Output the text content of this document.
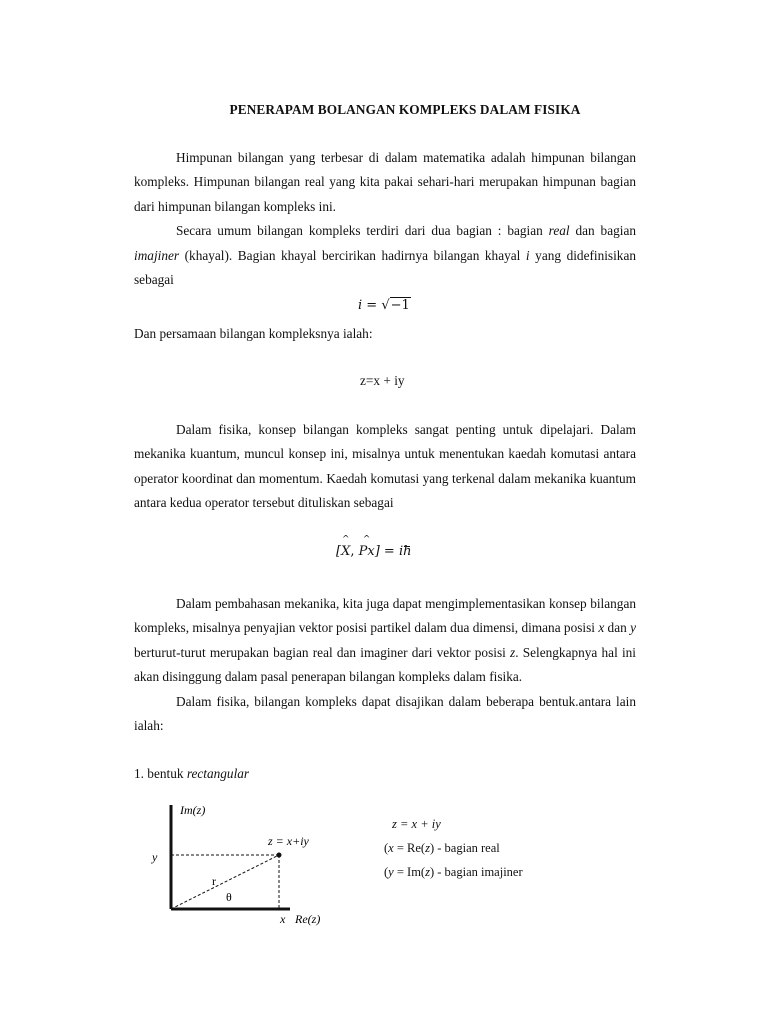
PENERAPAM BOLANGAN KOMPLEKS DALAM FISIKA

Himpunan bilangan yang terbesar di dalam matematika adalah himpunan bilangan kompleks. Himpunan bilangan real yang kita pakai sehari-hari merupakan himpunan bagian dari himpunan bilangan kompleks ini.

Secara umum bilangan kompleks terdiri dari dua bagian : bagian real dan bagian imajiner (khayal). Bagian khayal bercirikan hadirnya bilangan khayal i yang didefinisikan sebagai

i = √−1
Dan persamaan bilangan kompleksnya ialah:
z=x + iy

Dalam fisika, konsep bilangan kompleks sangat penting untuk dipelajari. Dalam mekanika kuantum, muncul konsep ini, misalnya untuk menentukan kaedah komutasi antara operator koordinat dan momentum. Kaedah komutasi yang terkenal dalam mekanika kuantum antara kedua operator tersebut dituliskan sebagai

[
^
X,
^
Px] = i
h

Dalam pembahasan mekanika, kita juga dapat mengimplementasikan konsep bilangan kompleks, misalnya penyajian vektor posisi partikel dalam dua dimensi, dimana posisi x dan y berturut-turut merupakan bagian real dan imaginer dari vektor posisi z. Selengkapnya hal ini akan disinggung dalam pasal penerapan bilangan kompleks dalam fisika.

Dalam fisika, bilangan kompleks dapat disajikan dalam beberapa bentuk.antara lain ialah:

1. bentuk rectangular
Im(z)
y
z = x+iy
r
θ
x Re(z)
z = x + iy
(x = Re(z) - bagian real
(y = Im(z) - bagian imajiner
